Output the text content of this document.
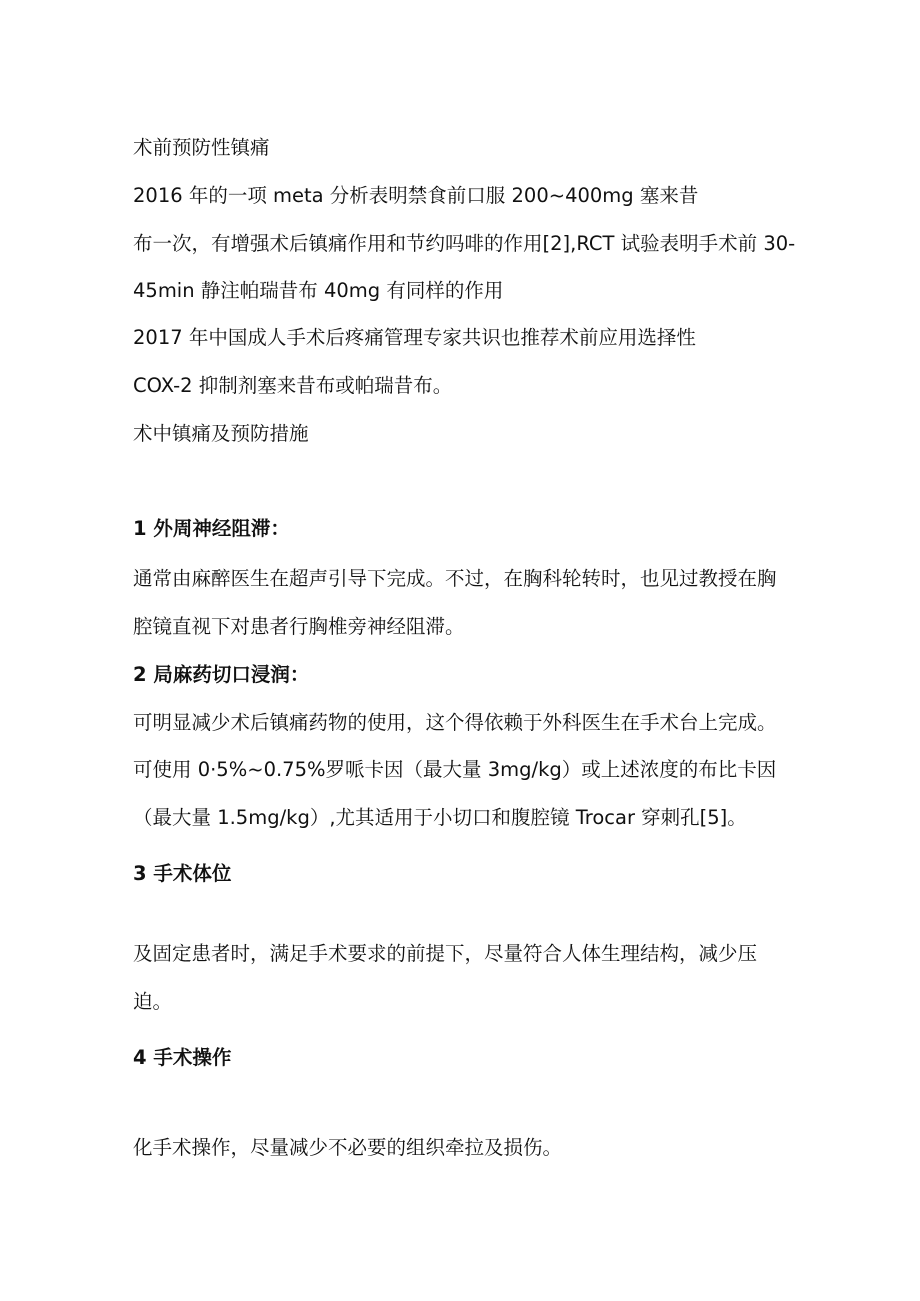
术前预防性镇痛
2016 年的一项 meta 分析表明禁食前口服 200~400mg 塞来昔
布一次，有增强术后镇痛作用和节约吗啡的作用[2],RCT 试验表明手术前 30-
45min 静注帕瑞昔布 40mg 有同样的作用
2017 年中国成人手术后疼痛管理专家共识也推荐术前应用选择性
COX-2 抑制剂塞来昔布或帕瑞昔布。
术中镇痛及预防措施
1 外周神经阻滞：
通常由麻醉医生在超声引导下完成。不过，在胸科轮转时，也见过教授在胸
腔镜直视下对患者行胸椎旁神经阻滞。
2 局麻药切口浸润：
可明显减少术后镇痛药物的使用，这个得依赖于外科医生在手术台上完成。
可使用 0·5%~0.75%罗哌卡因（最大量 3mg/kg）或上述浓度的布比卡因
（最大量 1.5mg/kg）,尤其适用于小切口和腹腔镜 Trocar 穿刺孔[5]。
3 手术体位
及固定患者时，满足手术要求的前提下，尽量符合人体生理结构，减少压
迫。
4 手术操作
化手术操作，尽量减少不必要的组织牵拉及损伤。
